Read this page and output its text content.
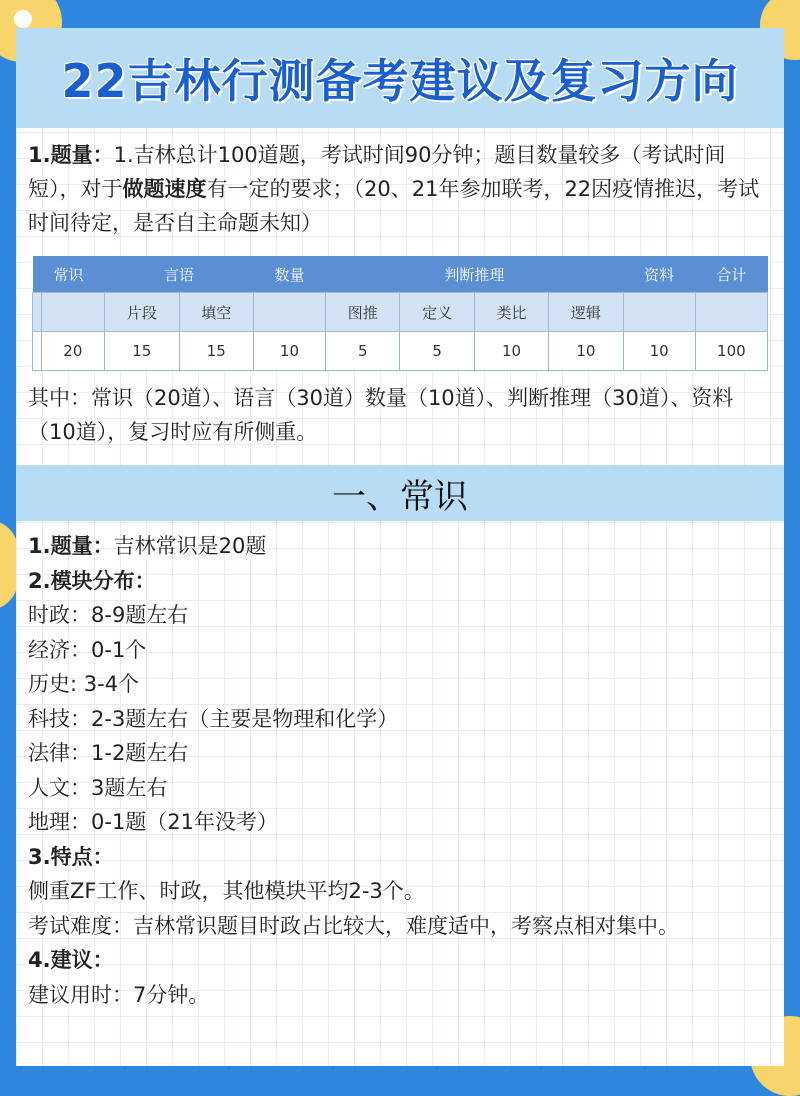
22吉林行测备考建议及复习方向

1.题量：1.吉林总计100道题，考试时间90分钟；题目数量较多（考试时间短），对于做题速度有一定的要求；（20、21年参加联考，22因疫情推迟，考试时间待定，是否自主命题未知）

常识		言语		数量	判断推理				资料	合计
		片段	填空		图推	定义	类比	逻辑		
	20	15	15	10	5	5	10	10	10	100

其中：常识（20道）、语言（30道）数量（10道）、判断推理（30道）、资料（10道），复习时应有所侧重。

一、常识
1.题量：吉林常识是20题
2.模块分布：
时政：8-9题左右
经济：0-1个
历史: 3-4个
科技：2-3题左右（主要是物理和化学）
法律：1-2题左右
人文：3题左右
地理：0-1题（21年没考）
3.特点：
侧重ZF工作、时政，其他模块平均2-3个。
考试难度：吉林常识题目时政占比较大，难度适中，考察点相对集中。
4.建议：
建议用时：7分钟。
